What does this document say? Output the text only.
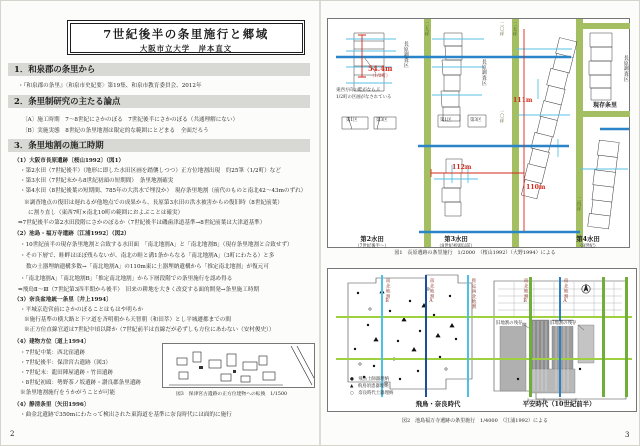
7世紀後半の条里施行と郷域
大阪市立大学　岸本直文
1．和泉郡の条里から
・『和泉郡の条里』〈和泉市史紀要〉第19集、和泉市教育委員会、2012年
2．条里制研究の主たる論点
〔A〕施工時期　7～8世紀にさかのぼる　7世紀後半にさかのぼる（共通理解にない）
〔B〕実施実態　8世紀の条里地割は限定的な範囲にとどまる　全面だろう
3．条里地割の施工時期
（1）大阪市長原遺跡〔桜山1992〕（図1）
・第2水田（7世紀後半）（地形に即した水田区画を踏襲しつつ）正方位地割出現　約25筆（1/2町）など
・第3水田（7世紀末から8世紀初頭の短期間）　条里地割確実
・第4水田（8世紀後葉の短期間、785年の大洪水で埋没か）　現存条里地割（前代のものと南北42～43mのずれ）
※調査地点の復旧は遅れるが他地点での成果から、長原第3水田の洪水被害からの復旧時（8世紀前葉）
に割り直し（東西7町×南北10町の範囲におよぶことは確実）
⇒7世紀後半の第2水田段階にさかのぼるか（7世紀後半は磯歯津道基準→8世紀前葉は大津道基準）
（2）池島・福万寺遺跡〔江浦1992〕（図2）
・10世紀前半の現存条里地割と合致する水田面　「南北地割A」と「南北地割B」（現存条里地割と合致せず）
・その下層で、畦畔はほぼ残らないが、南北の畦と溝1条からなる「南北地割A」（3町にわたる）と多
数の土器埋納遺構多数→「南北地割A」の110m東に土器埋納遺構から「推定南北地割」が復元可
・「南北地割A」「南北地割B」「推定南北地割」から下層段階での条里施行を認め得る
⇒飛鳥Ⅱ～Ⅲ（7世紀第3四半期から後半）　旧来の耕地を大きく改変する面的開発→条里施工時期
（3）奈良盆地統一条里〔井上1994〕
・平城京造営前にさかのぼることはもはや明らか
※施行基準の横大路と下ツ道を斉明朝から天智朝（和田萃）とし平城遷都までの間
※正方位直線官道は7世紀中頃以降か（7世紀前半は直線だが必ずしも方位にあわない（安村俊史））
（4）建物方位〔道上1994〕
・7世紀中葉：西北窪遺跡
・7世紀後半：保津宮古遺跡（図3）
・7世紀末：龍田陣屋遺跡・竹田遺跡
・8世紀初頭：勢野茶ノ坂遺跡・讃良郡条里遺跡
※条里地割施行をうかがうことが可能	図3　保津宮古遺跡の正方位建物への転換　1/1500
（4）静清条里〔矢田1996〕
・曲金北遺跡で350mにわたって検出された東海道を基準に奈良時代には面的に施行
2
長原調査区
長原調査区	長原調査区
二九坪	二〇坪 二五坪
一〇坪
二四坪
54.4m
（1/2町）
112m
110m
111m
東西方向の畦がならぶ
1/2町の区画がなされている
第1区	第3区	第1区	第3区
現存条里
第2水田
（7世紀後半～）
第3水田
（8世紀初頭以前）
第4水田
（8世紀）
図1　長原遺跡の条里施行　1/2000　（桜山1992）（大野1994）による
南北地割B	南北地割A	推定南北地割	南北地割B	南北地割A
旧地割の残存	旧地割の残存
●　飛鳥土師器埋納
▲　飛鳥須恵器埋納
○　奈良時代土器埋納
飛鳥・奈良時代	平安時代（10世紀前半）
図2　池島福万寺遺跡の条里施行　1/4000　（江浦1992）による
3
